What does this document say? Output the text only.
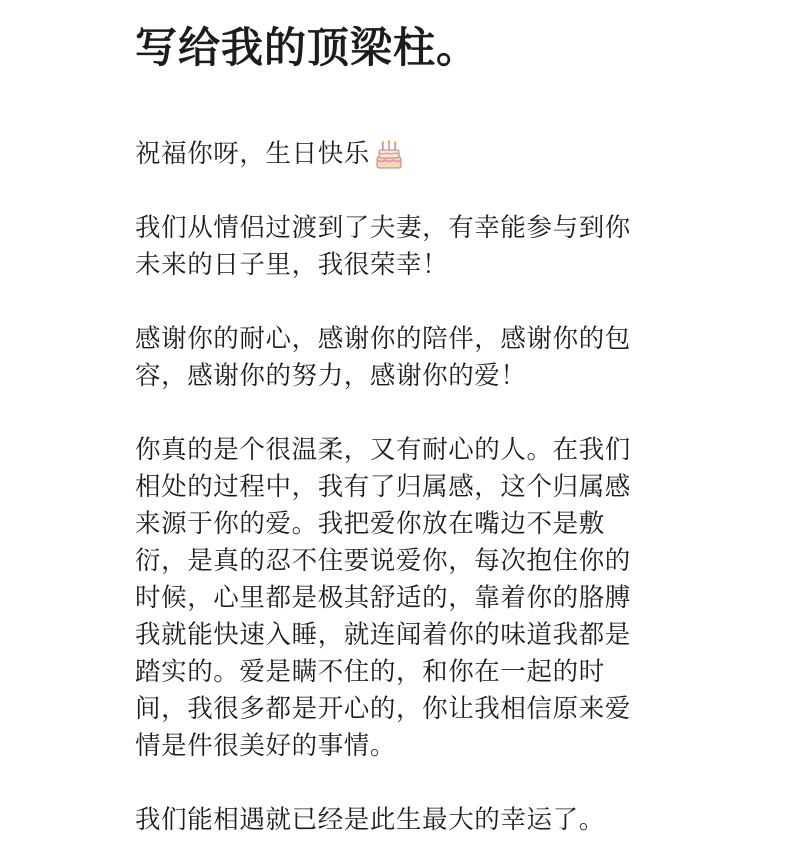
写给我的顶梁柱。

祝福你呀，生日快乐

我们从情侣过渡到了夫妻，有幸能参与到你
未来的日子里，我很荣幸！

感谢你的耐心，感谢你的陪伴，感谢你的包
容，感谢你的努力，感谢你的爱！

你真的是个很温柔，又有耐心的人。在我们
相处的过程中，我有了归属感，这个归属感
来源于你的爱。我把爱你放在嘴边不是敷
衍，是真的忍不住要说爱你，每次抱住你的
时候，心里都是极其舒适的，靠着你的胳膊
我就能快速入睡，就连闻着你的味道我都是
踏实的。爱是瞒不住的，和你在一起的时
间，我很多都是开心的，你让我相信原来爱
情是件很美好的事情。

我们能相遇就已经是此生最大的幸运了。
